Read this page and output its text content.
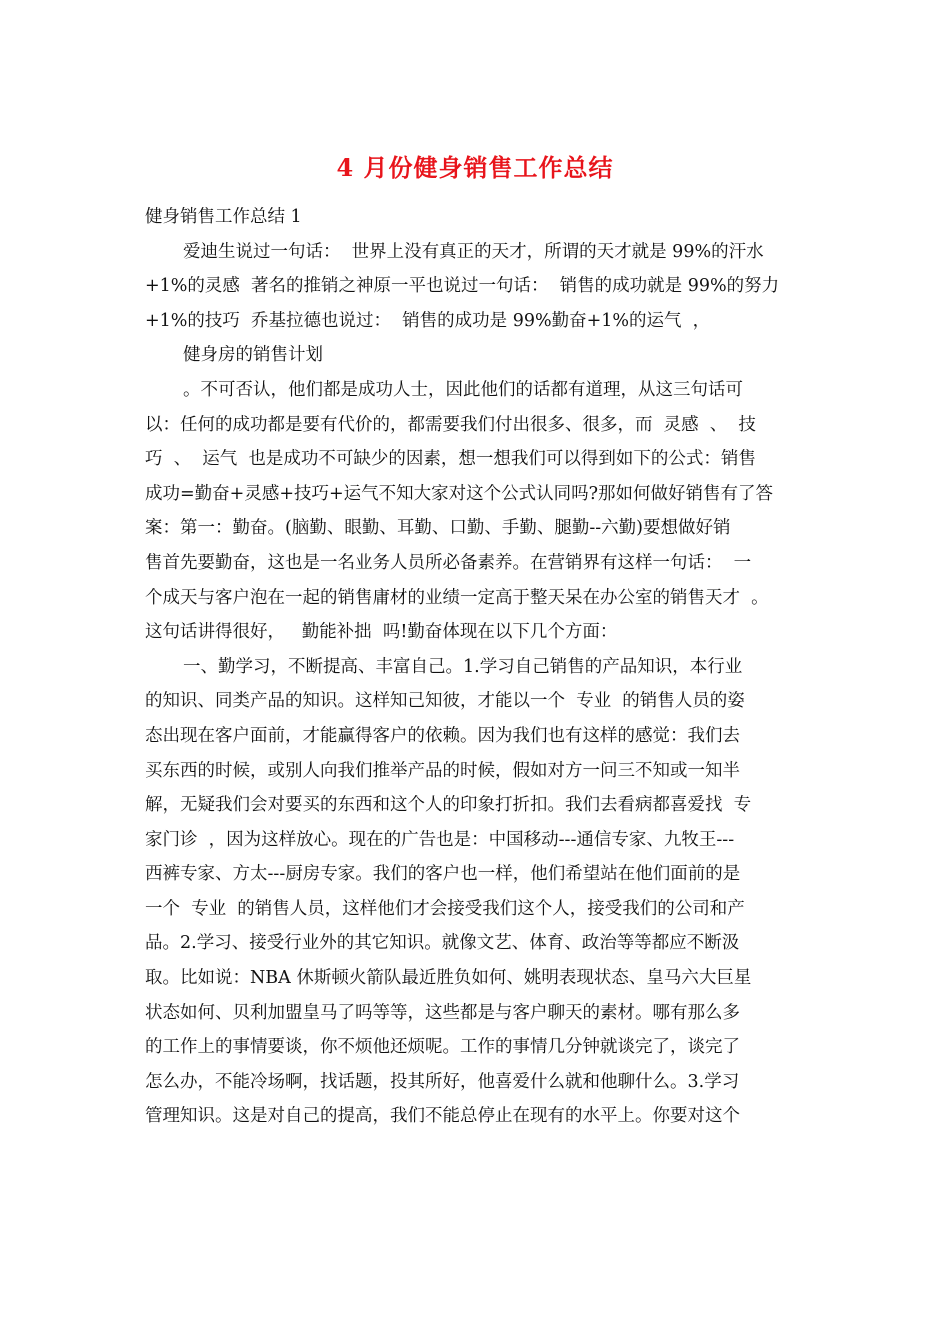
4 月份健身销售工作总结
健身销售工作总结 1
爱迪生说过一句话：  世界上没有真正的天才，所谓的天才就是 99%的汗水
+1%的灵感  著名的推销之神原一平也说过一句话：  销售的成功就是 99%的努力
+1%的技巧  乔基拉德也说过：  销售的成功是 99%勤奋+1%的运气  ，
健身房的销售计划
。不可否认，他们都是成功人士，因此他们的话都有道理，从这三句话可
以：任何的成功都是要有代价的，都需要我们付出很多、很多，而  灵感  、  技
巧  、  运气  也是成功不可缺少的因素，想一想我们可以得到如下的公式：销售
成功=勤奋+灵感+技巧+运气不知大家对这个公式认同吗?那如何做好销售有了答
案：第一：勤奋。(脑勤、眼勤、耳勤、口勤、手勤、腿勤--六勤)要想做好销
售首先要勤奋，这也是一名业务人员所必备素养。在营销界有这样一句话：  一
个成天与客户泡在一起的销售庸材的业绩一定高于整天呆在办公室的销售天才  。
这句话讲得很好，   勤能补拙  吗!勤奋体现在以下几个方面：
一、勤学习，不断提高、丰富自己。1.学习自己销售的产品知识，本行业
的知识、同类产品的知识。这样知己知彼，才能以一个  专业  的销售人员的姿
态出现在客户面前，才能赢得客户的依赖。因为我们也有这样的感觉：我们去
买东西的时候，或别人向我们推举产品的时候，假如对方一问三不知或一知半
解，无疑我们会对要买的东西和这个人的印象打折扣。我们去看病都喜爱找  专
家门诊  ，因为这样放心。现在的广告也是：中国移动---通信专家、九牧王---
西裤专家、方太---厨房专家。我们的客户也一样，他们希望站在他们面前的是
一个  专业  的销售人员，这样他们才会接受我们这个人，接受我们的公司和产
品。2.学习、接受行业外的其它知识。就像文艺、体育、政治等等都应不断汲
取。比如说：NBA 休斯顿火箭队最近胜负如何、姚明表现状态、皇马六大巨星
状态如何、贝利加盟皇马了吗等等，这些都是与客户聊天的素材。哪有那么多
的工作上的事情要谈，你不烦他还烦呢。工作的事情几分钟就谈完了，谈完了
怎么办，不能冷场啊，找话题，投其所好，他喜爱什么就和他聊什么。3.学习
管理知识。这是对自己的提高，我们不能总停止在现有的水平上。你要对这个
